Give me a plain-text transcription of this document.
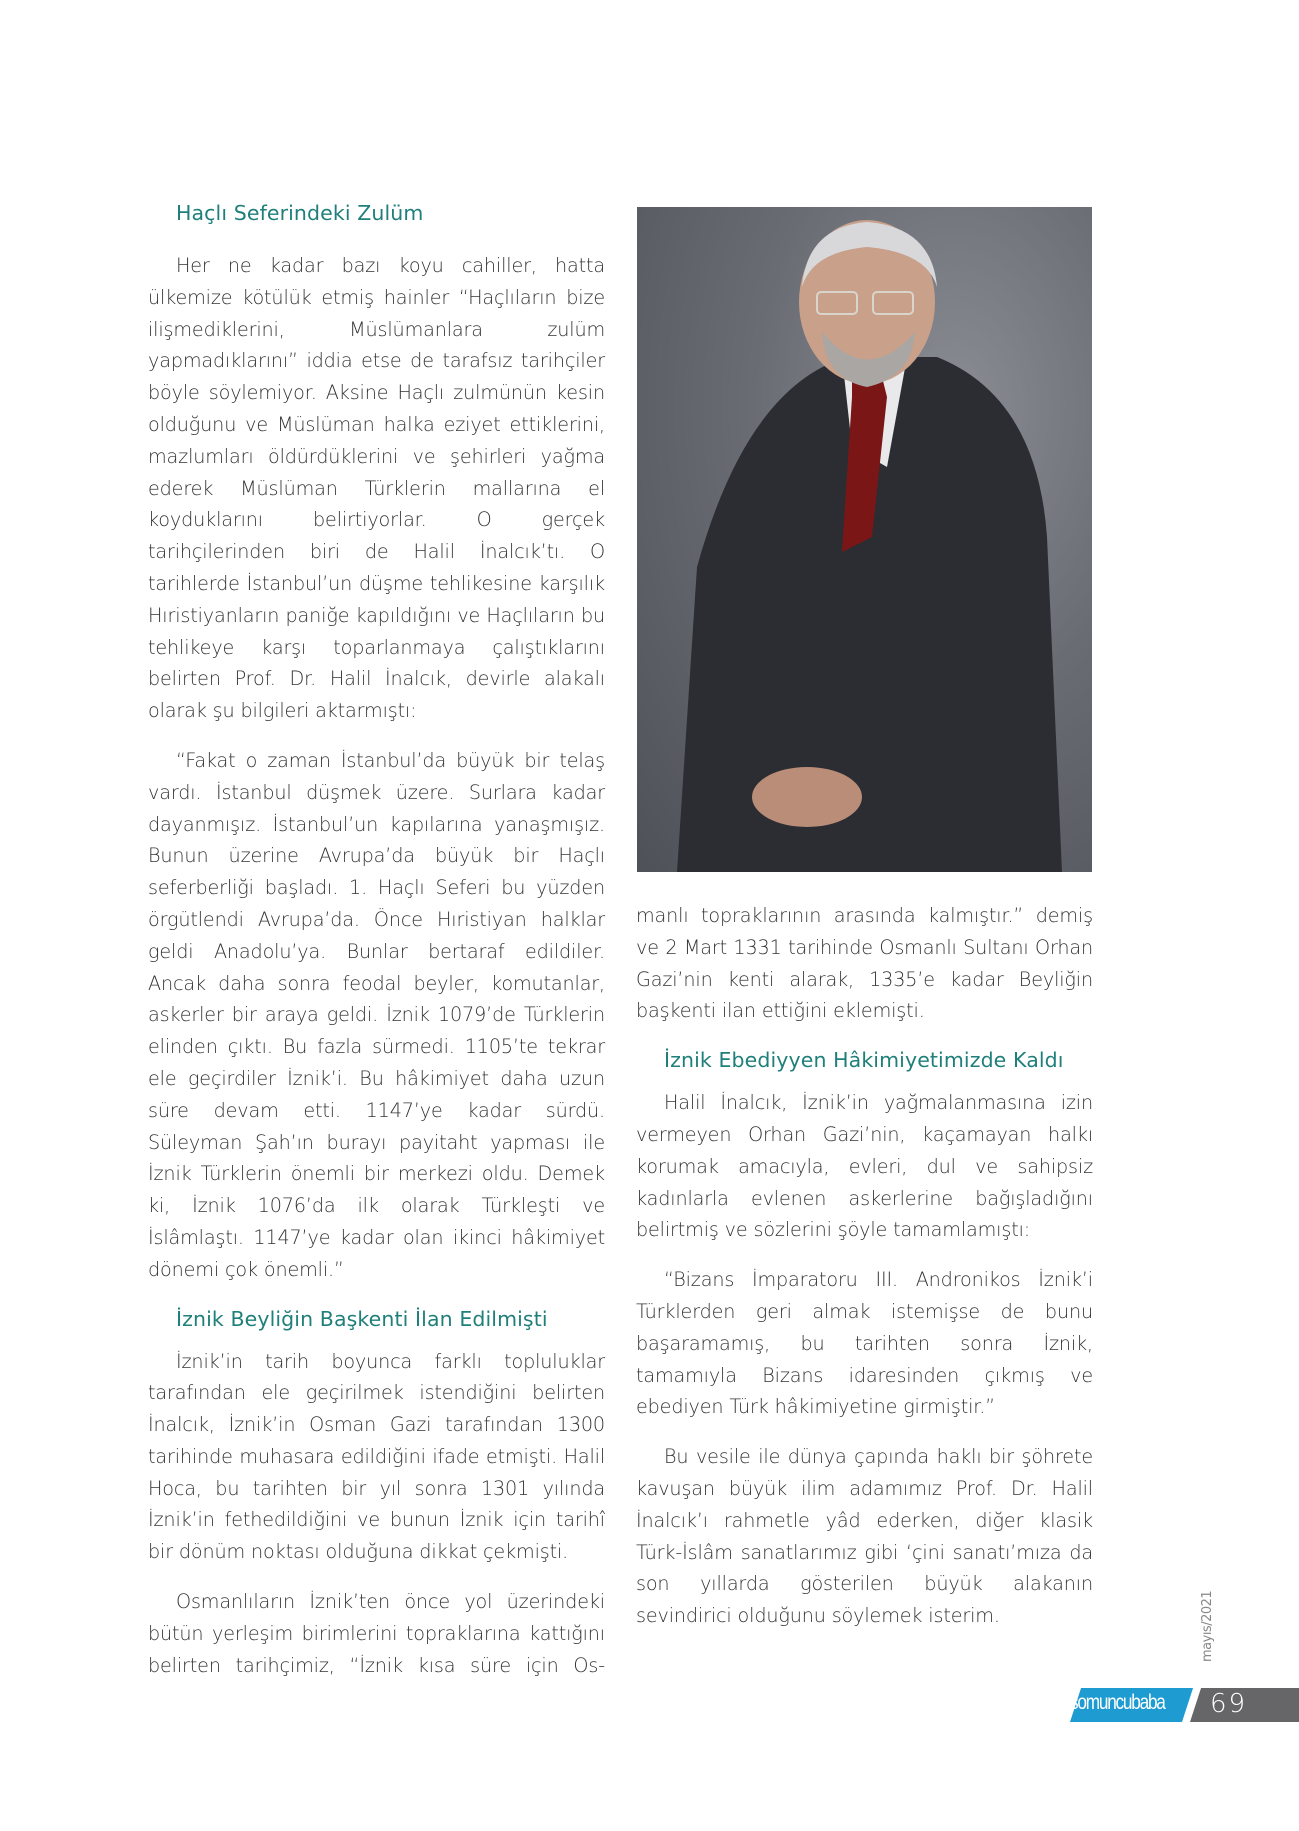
Haçlı Seferindeki Zulüm

Her ne kadar bazı koyu cahiller, hatta ülkemize kötülük etmiş hainler “Haçlıların bize ilişmediklerini, Müslümanlara zulüm yapmadıklarını” iddia etse de tarafsız tarihçiler böyle söylemiyor. Aksine Haçlı zulmünün kesin olduğunu ve Müslüman halka eziyet ettiklerini, mazlumları öldürdüklerini ve şehirleri yağma ederek Müslüman Türklerin mallarına el koyduklarını belirtiyorlar. O gerçek tarihçilerinden biri de Halil İnalcık’tı. O tarihlerde İstanbul’un düşme tehlikesine karşılık Hıristiyanların paniğe kapıldığını ve Haçlıların bu tehlikeye karşı toparlanmaya çalıştıklarını belirten Prof. Dr. Halil İnalcık, devirle alakalı olarak şu bilgileri aktarmıştı:

“Fakat o zaman İstanbul’da büyük bir telaş vardı. İstanbul düşmek üzere. Surlara kadar dayanmışız. İstanbul’un kapılarına yanaşmışız. Bunun üzerine Avrupa’da büyük bir Haçlı seferberliği başladı. 1. Haçlı Seferi bu yüzden örgütlendi Avrupa’da. Önce Hıristiyan halklar geldi Anadolu’ya. Bunlar bertaraf edildiler. Ancak daha sonra feodal beyler, komutanlar, askerler bir araya geldi. İznik 1079’de Türklerin elinden çıktı. Bu fazla sürmedi. 1105’te tekrar ele geçirdiler İznik’i. Bu hâkimiyet daha uzun süre devam etti. 1147’ye kadar sürdü. Süleyman Şah’ın burayı payitaht yapması ile İznik Türklerin önemli bir merkezi oldu. Demek ki, İznik 1076’da ilk olarak Türkleşti ve İslâmlaştı. 1147’ye kadar olan ikinci hâkimiyet dönemi çok önemli.”

İznik Beyliğin Başkenti İlan Edilmişti

İznik’in tarih boyunca farklı topluluklar tarafından ele geçirilmek istendiğini belirten İnalcık, İznik’in Osman Gazi tarafından 1300 tarihinde muhasara edildiğini ifade etmişti. Halil Hoca, bu tarihten bir yıl sonra 1301 yılında İznik’in fethedildiğini ve bunun İznik için tarihî bir dönüm noktası olduğuna dikkat çekmişti.

Osmanlıların İznik’ten önce yol üzerindeki bütün yerleşim birimlerini topraklarına kattığını belirten tarihçimiz, “İznik kısa süre için Os-

mayıs/2021
somuncubaba 69

manlı topraklarının arasında kalmıştır.” demiş ve 2 Mart 1331 tarihinde Osmanlı Sultanı Orhan Gazi’nin kenti alarak, 1335’e kadar Beyliğin başkenti ilan ettiğini eklemişti.

İznik Ebediyyen Hâkimiyetimizde Kaldı

Halil İnalcık, İznik’in yağmalanmasına izin vermeyen Orhan Gazi’nin, kaçamayan halkı korumak amacıyla, evleri, dul ve sahipsiz kadınlarla evlenen askerlerine bağışladığını belirtmiş ve sözlerini şöyle tamamlamıştı:

“Bizans İmparatoru III. Andronikos İznik’i Türklerden geri almak istemişse de bunu başaramamış, bu tarihten sonra İznik, tamamıyla Bizans idaresinden çıkmış ve ebediyen Türk hâkimiyetine girmiştir.”

Bu vesile ile dünya çapında haklı bir şöhrete kavuşan büyük ilim adamımız Prof. Dr. Halil İnalcık’ı rahmetle yâd ederken, diğer klasik Türk-İslâm sanatlarımız gibi ‘çini sanatı’mıza da son yıllarda gösterilen büyük alakanın sevindirici olduğunu söylemek isterim.
